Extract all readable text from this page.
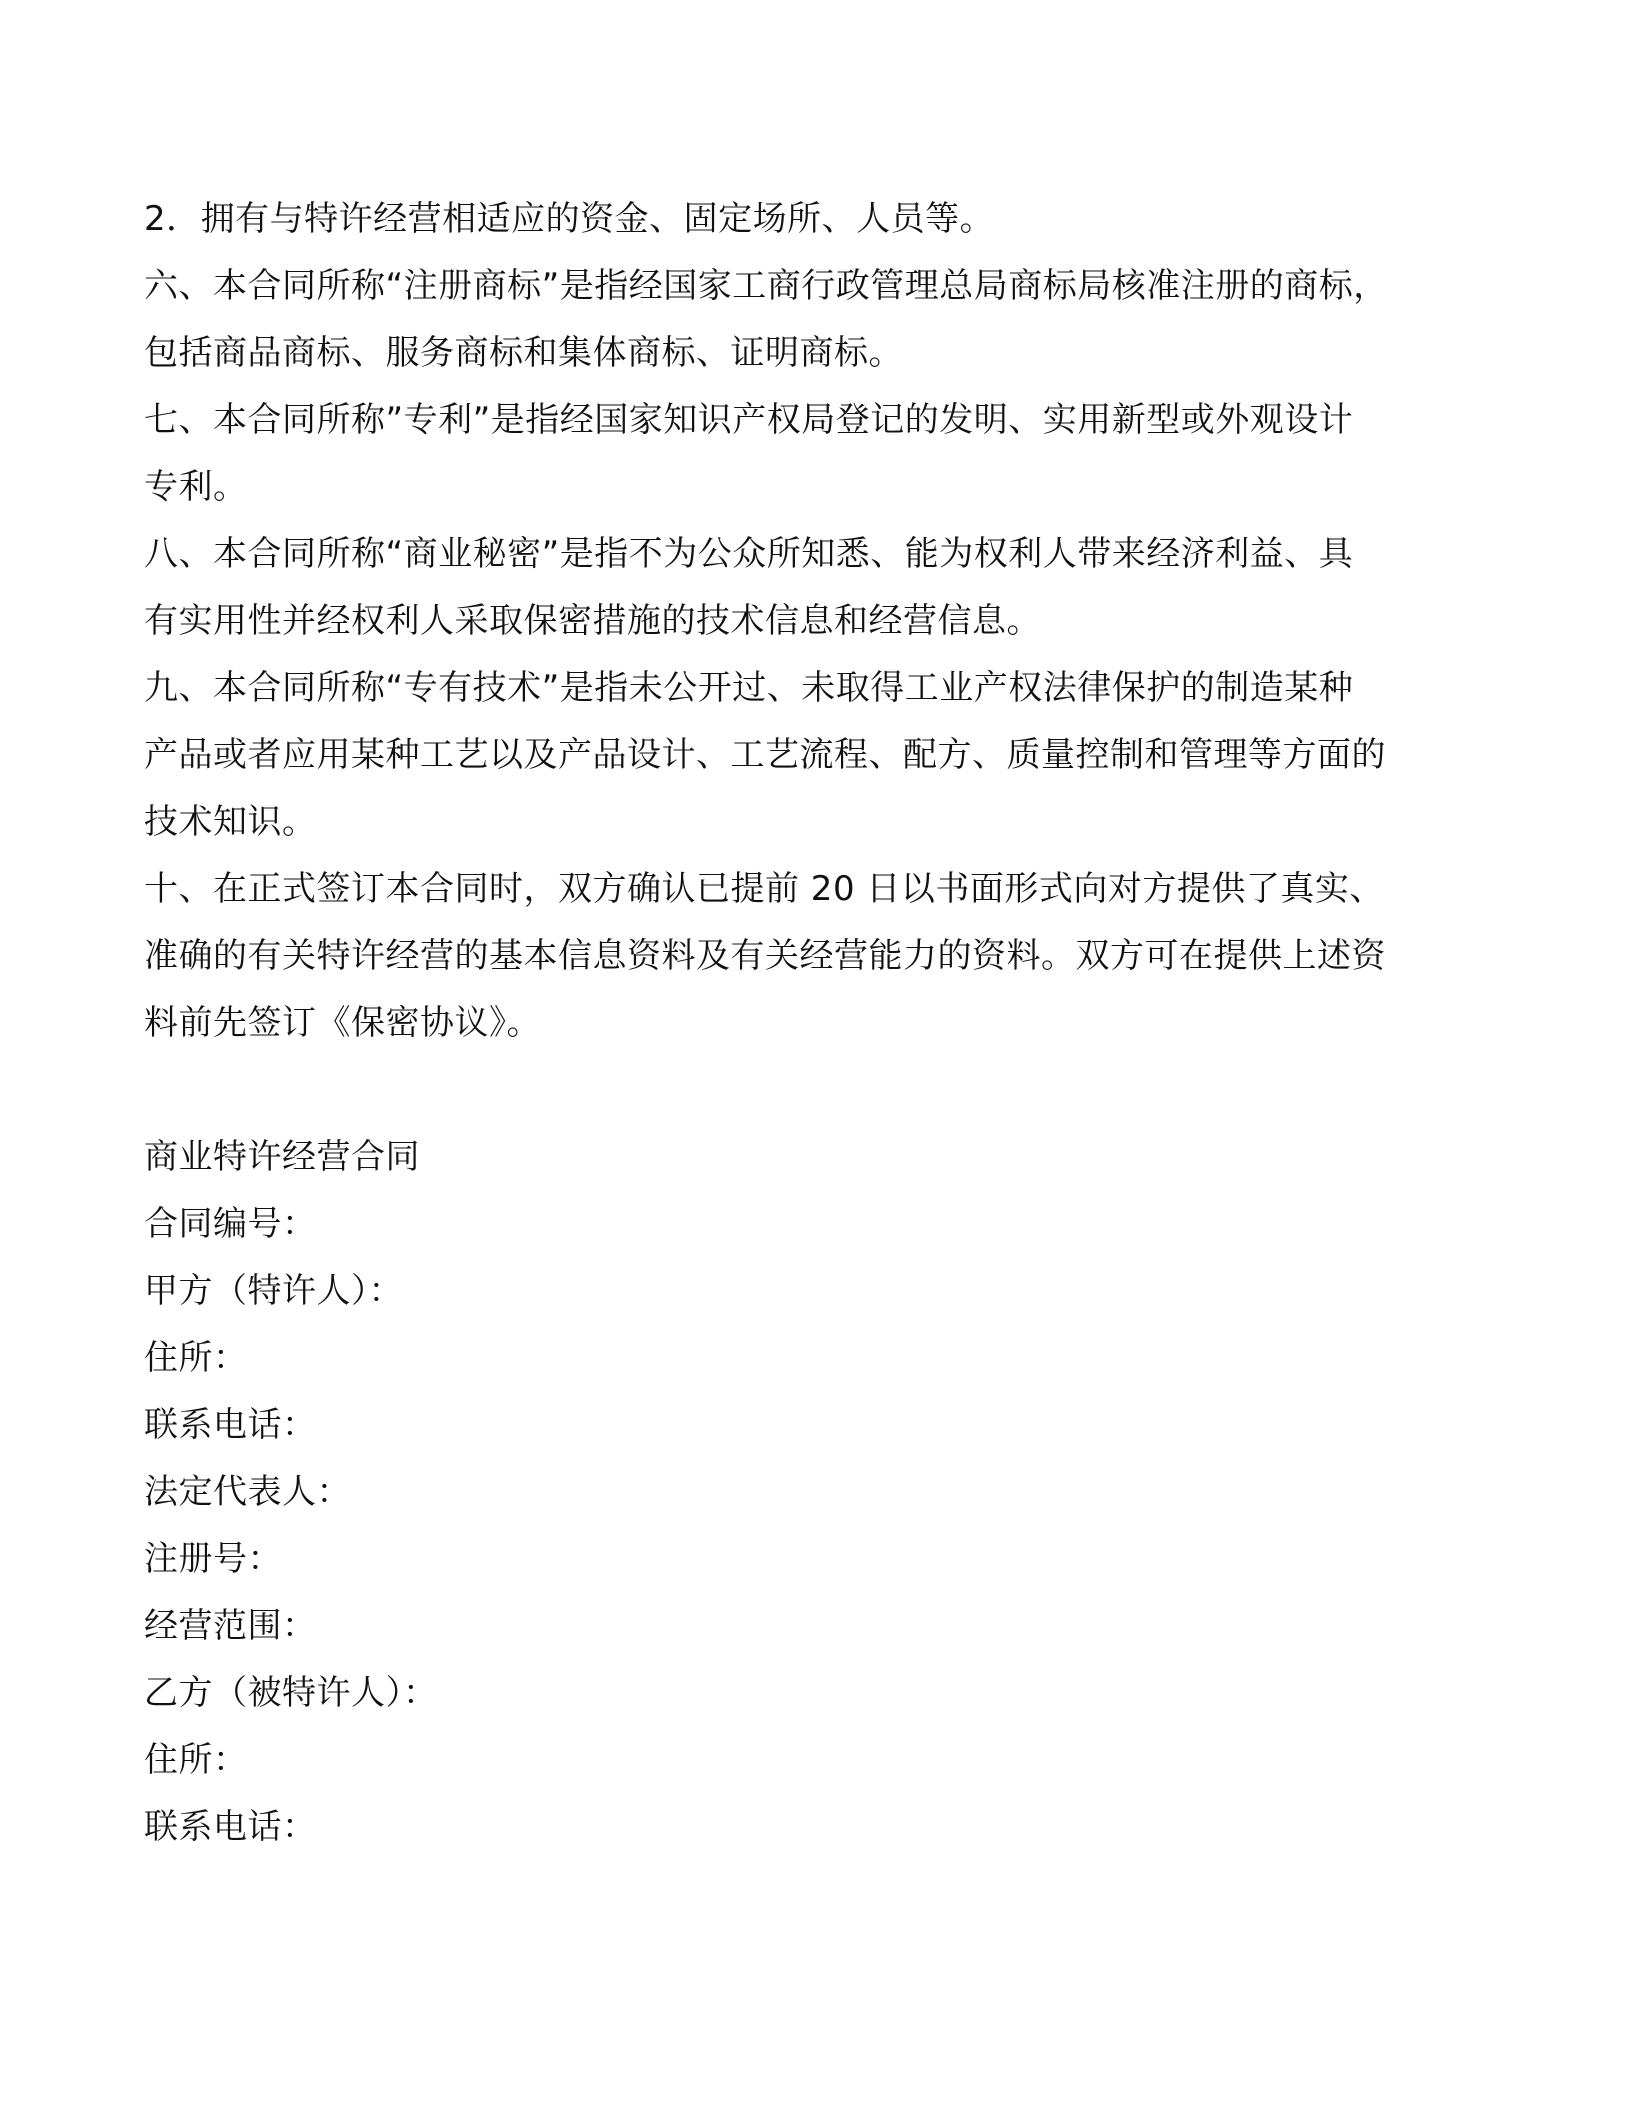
2．拥有与特许经营相适应的资金、固定场所、人员等。
六、本合同所称“注册商标”是指经国家工商行政管理总局商标局核准注册的商标，
包括商品商标、服务商标和集体商标、证明商标。
七、本合同所称”专利”是指经国家知识产权局登记的发明、实用新型或外观设计
专利。
八、本合同所称“商业秘密”是指不为公众所知悉、能为权利人带来经济利益、具
有实用性并经权利人采取保密措施的技术信息和经营信息。
九、本合同所称“专有技术”是指未公开过、未取得工业产权法律保护的制造某种
产品或者应用某种工艺以及产品设计、工艺流程、配方、质量控制和管理等方面的
技术知识。
十、在正式签订本合同时，双方确认已提前 20 日以书面形式向对方提供了真实、
准确的有关特许经营的基本信息资料及有关经营能力的资料。双方可在提供上述资
料前先签订《保密协议》。
商业特许经营合同
合同编号：
甲方（特许人）：
住所：
联系电话：
法定代表人：
注册号：
经营范围：
乙方（被特许人）：
住所：
联系电话：
